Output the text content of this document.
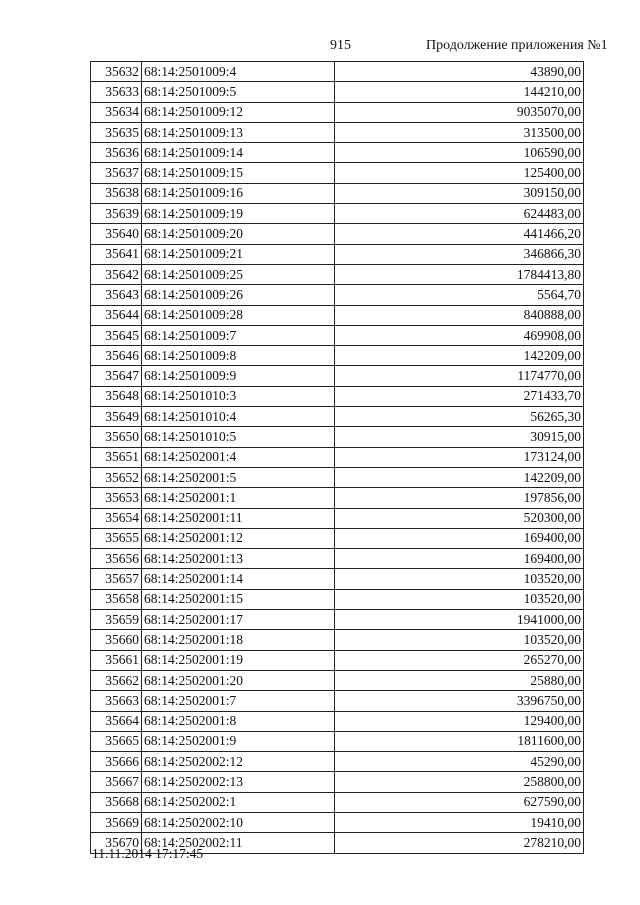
915	Продолжение приложения №1
35632	68:14:2501009:4	43890,00
35633	68:14:2501009:5	144210,00
35634	68:14:2501009:12	9035070,00
35635	68:14:2501009:13	313500,00
35636	68:14:2501009:14	106590,00
35637	68:14:2501009:15	125400,00
35638	68:14:2501009:16	309150,00
35639	68:14:2501009:19	624483,00
35640	68:14:2501009:20	441466,20
35641	68:14:2501009:21	346866,30
35642	68:14:2501009:25	1784413,80
35643	68:14:2501009:26	5564,70
35644	68:14:2501009:28	840888,00
35645	68:14:2501009:7	469908,00
35646	68:14:2501009:8	142209,00
35647	68:14:2501009:9	1174770,00
35648	68:14:2501010:3	271433,70
35649	68:14:2501010:4	56265,30
35650	68:14:2501010:5	30915,00
35651	68:14:2502001:4	173124,00
35652	68:14:2502001:5	142209,00
35653	68:14:2502001:1	197856,00
35654	68:14:2502001:11	520300,00
35655	68:14:2502001:12	169400,00
35656	68:14:2502001:13	169400,00
35657	68:14:2502001:14	103520,00
35658	68:14:2502001:15	103520,00
35659	68:14:2502001:17	1941000,00
35660	68:14:2502001:18	103520,00
35661	68:14:2502001:19	265270,00
35662	68:14:2502001:20	25880,00
35663	68:14:2502001:7	3396750,00
35664	68:14:2502001:8	129400,00
35665	68:14:2502001:9	1811600,00
35666	68:14:2502002:12	45290,00
35667	68:14:2502002:13	258800,00
35668	68:14:2502002:1	627590,00
35669	68:14:2502002:10	19410,00
35670	68:14:2502002:11	278210,00
11.11.2014 17:17:45
